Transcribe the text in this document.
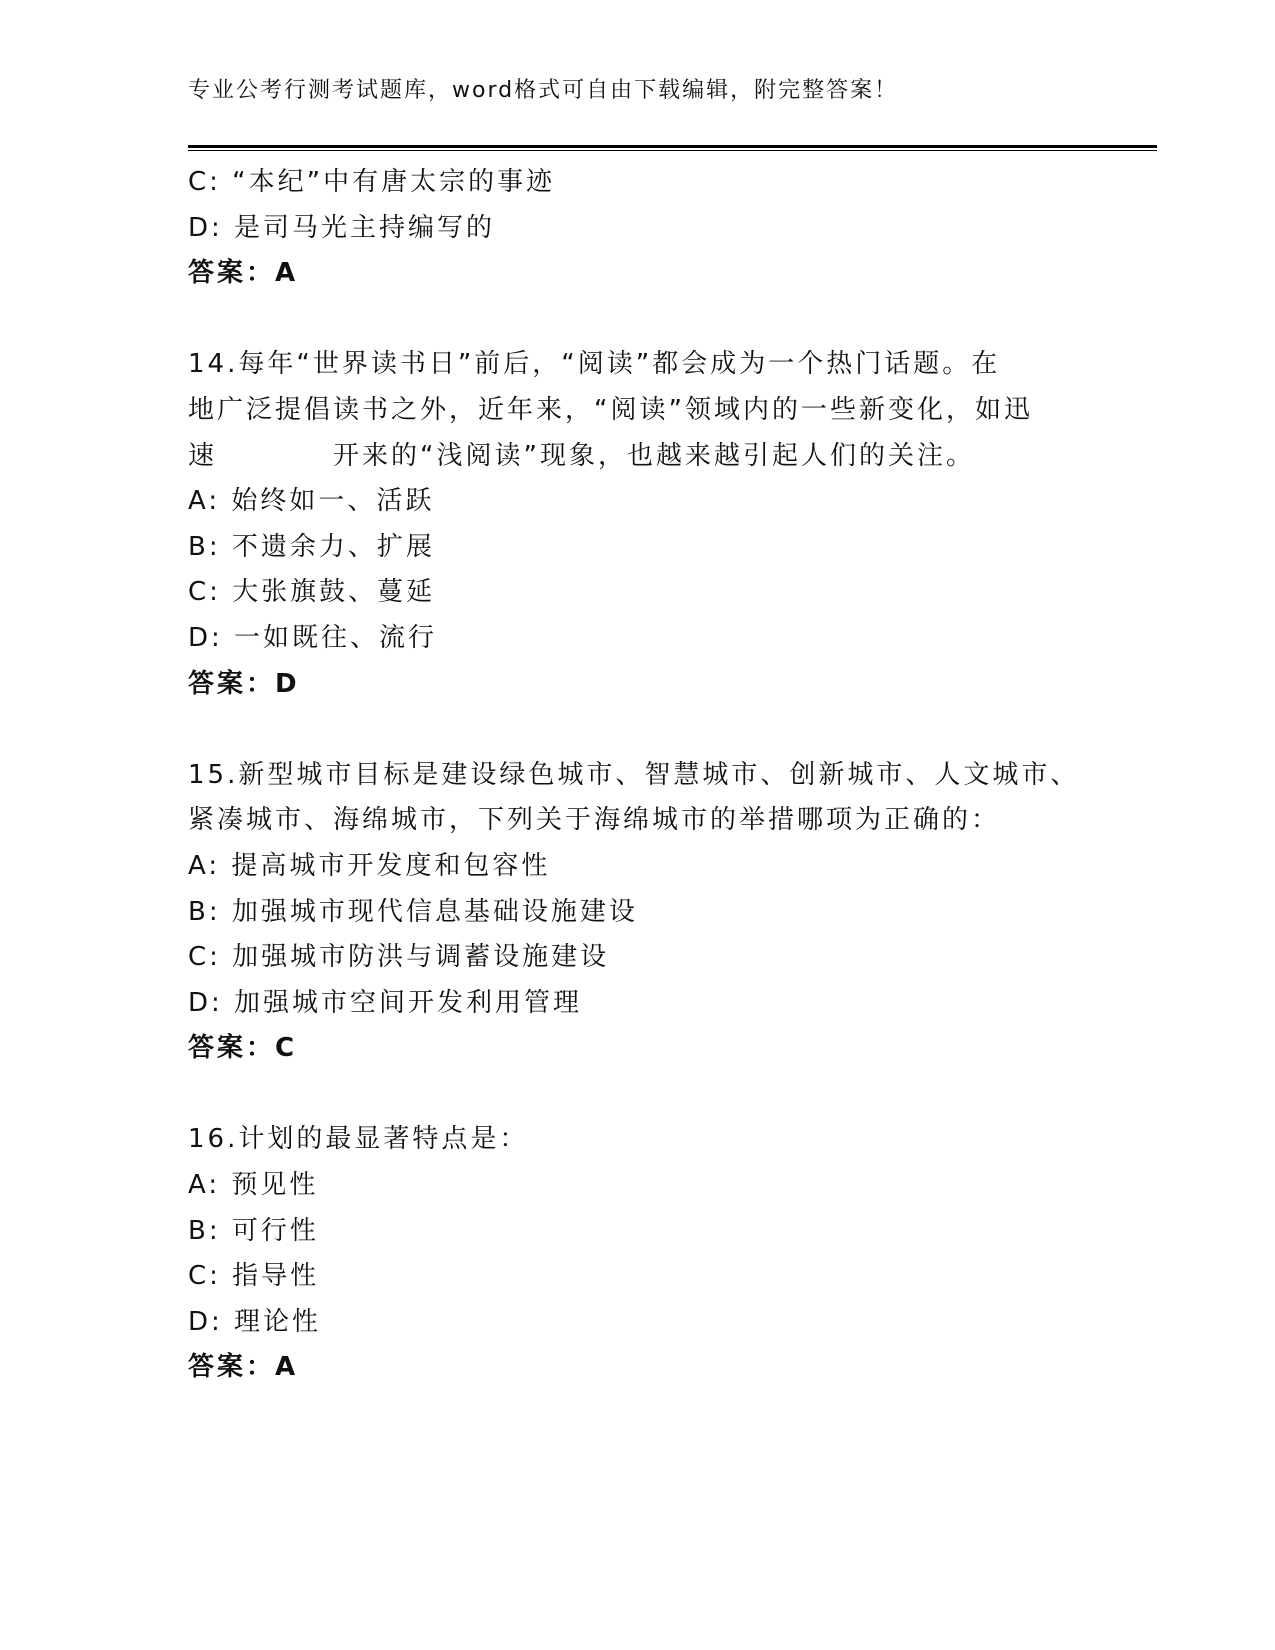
专业公考行测考试题库，word格式可自由下载编辑，附完整答案！
C: “本纪”中有唐太宗的事迹
D: 是司马光主持编写的
答案：A
14.每年“世界读书日”前后，“阅读”都会成为一个热门话题。在
地广泛提倡读书之外，近年来，“阅读”领域内的一些新变化，如迅
速　　　　开来的“浅阅读”现象，也越来越引起人们的关注。
A: 始终如一、活跃
B: 不遗余力、扩展
C: 大张旗鼓、蔓延
D: 一如既往、流行
答案：D
15.新型城市目标是建设绿色城市、智慧城市、创新城市、人文城市、
紧凑城市、海绵城市，下列关于海绵城市的举措哪项为正确的：
A: 提高城市开发度和包容性
B: 加强城市现代信息基础设施建设
C: 加强城市防洪与调蓄设施建设
D: 加强城市空间开发利用管理
答案：C
16.计划的最显著特点是：
A: 预见性
B: 可行性
C: 指导性
D: 理论性
答案：A
